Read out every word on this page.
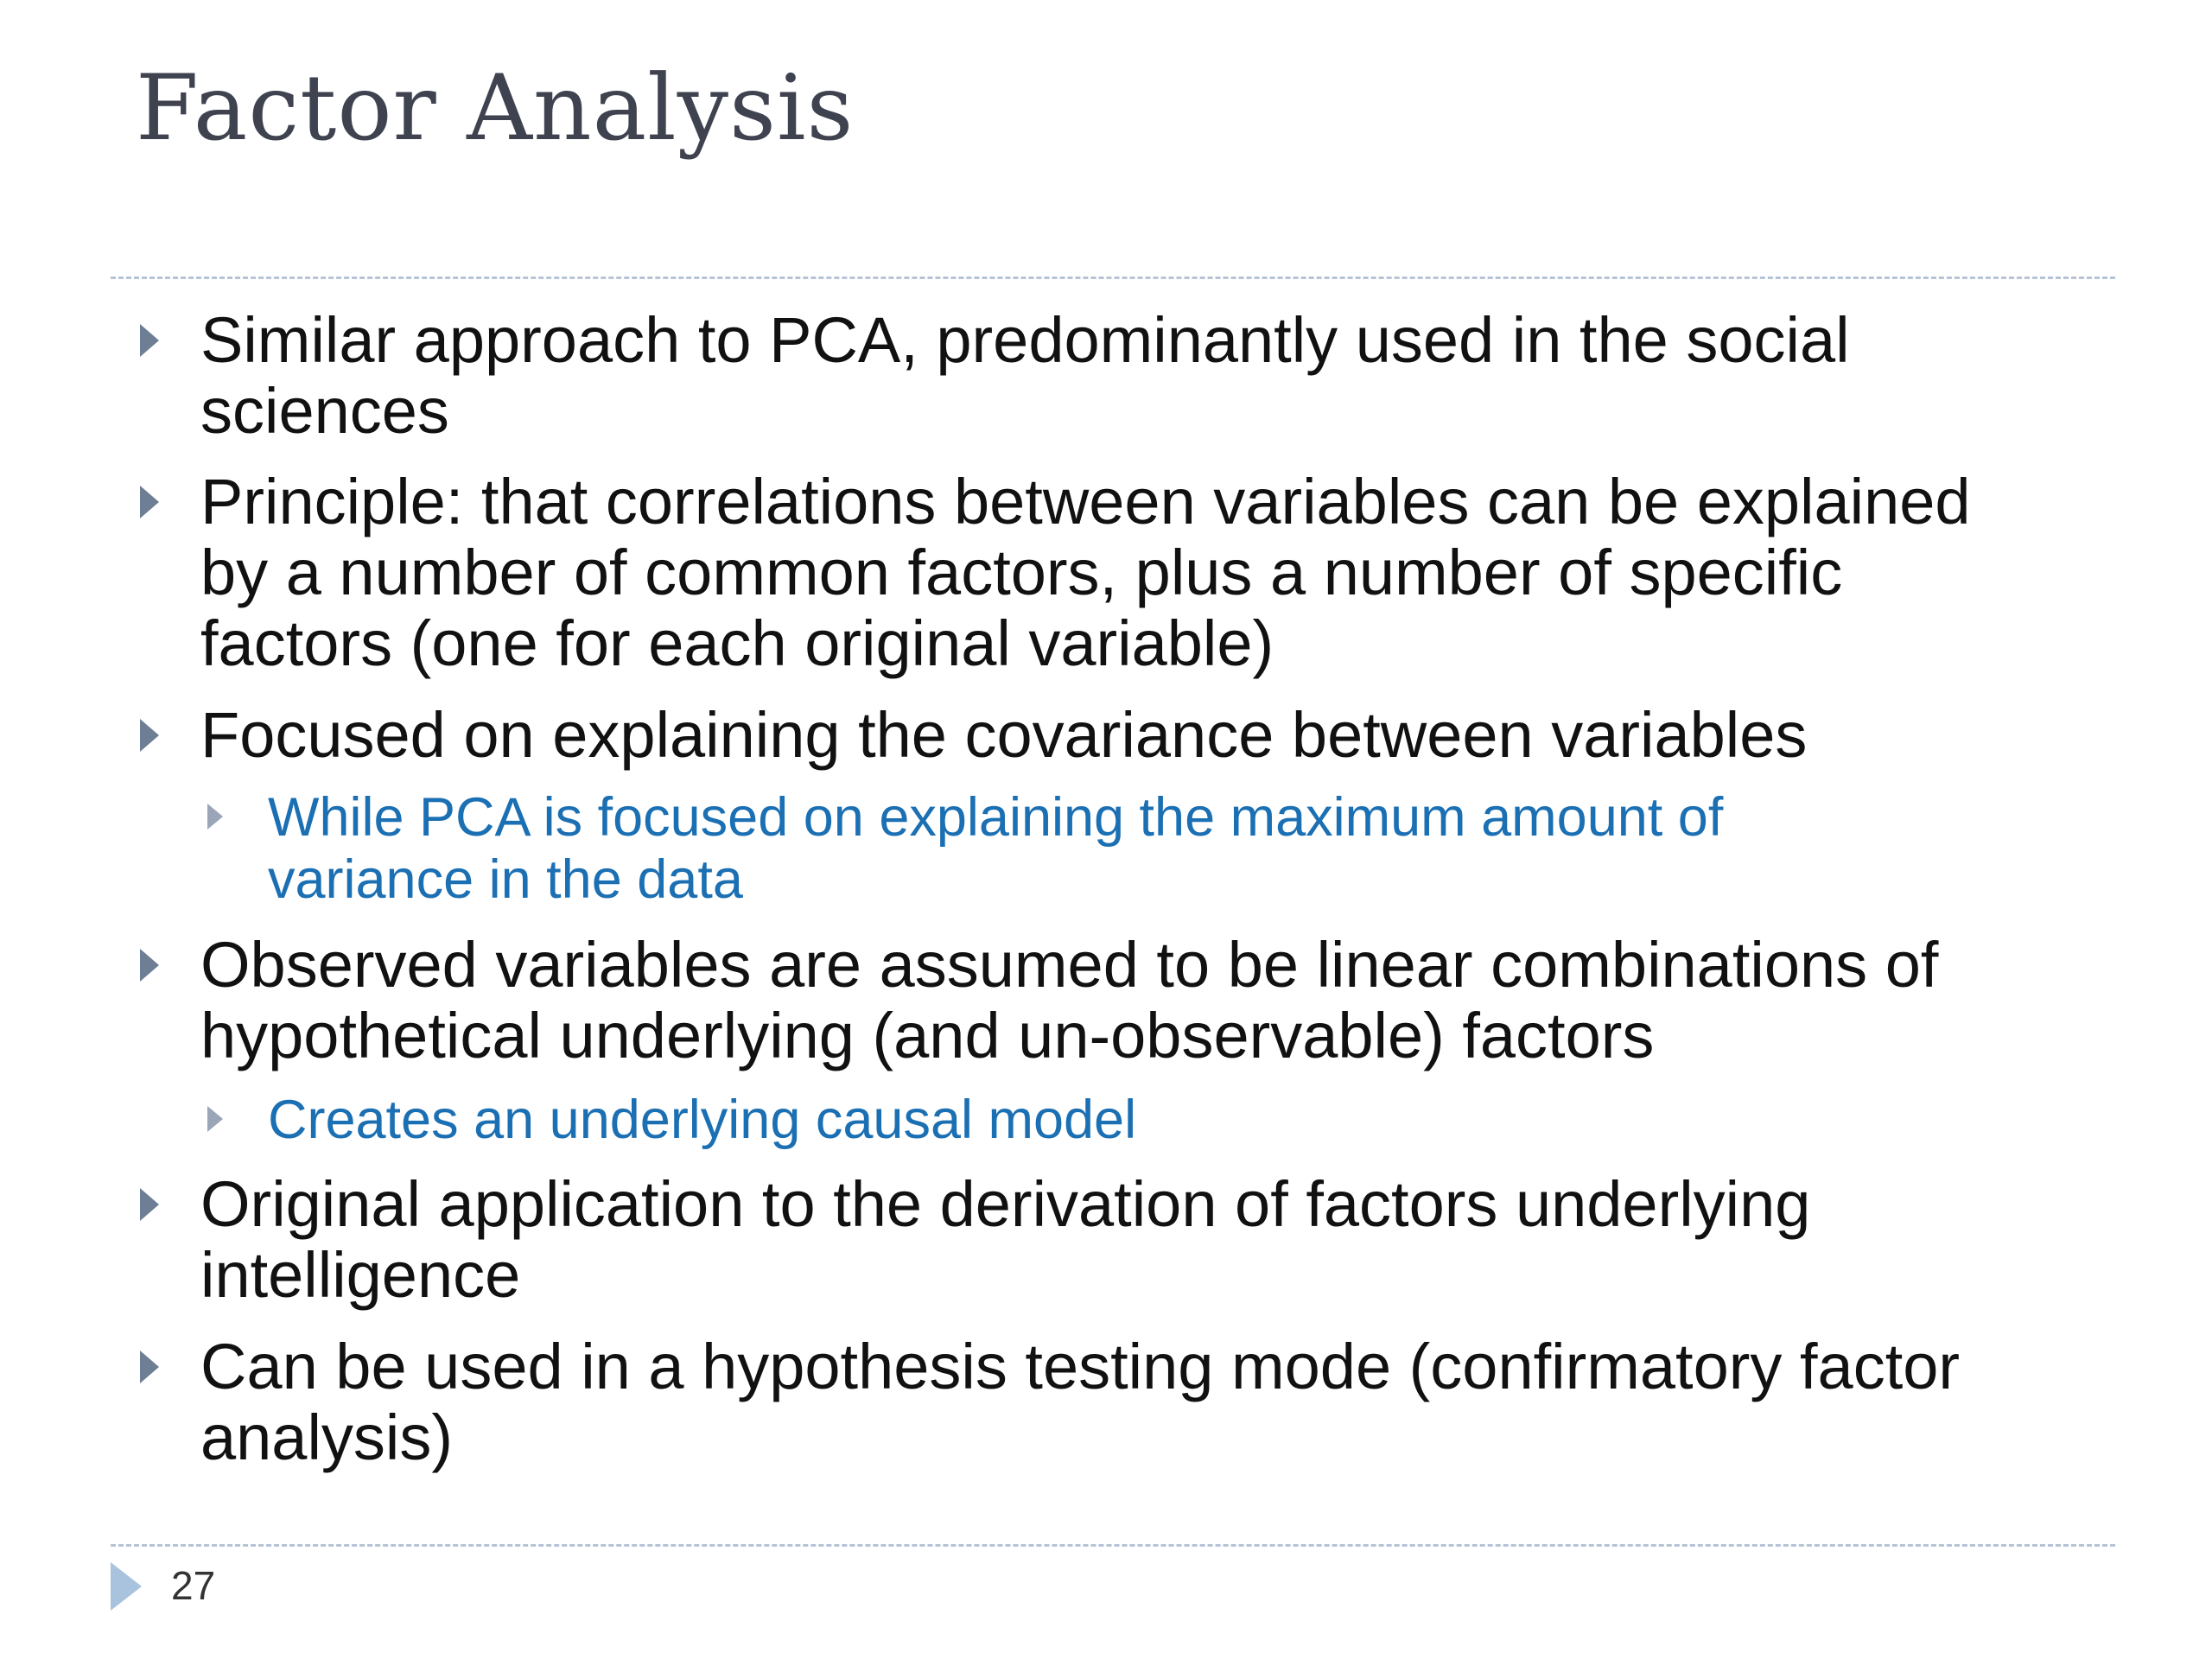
Factor Analysis
Similar approach to PCA, predominantly used in the social
sciences
Principle: that correlations between variables can be explained
by a number of common factors, plus a number of specific
factors (one for each original variable)
Focused on explaining the covariance between variables
While PCA is focused on explaining the maximum amount of
variance in the data
Observed variables are assumed to be linear combinations of
hypothetical underlying (and un-observable) factors
Creates an underlying causal model
Original application to the derivation of factors underlying
intelligence
Can be used in a hypothesis testing mode (confirmatory factor
analysis)
27
